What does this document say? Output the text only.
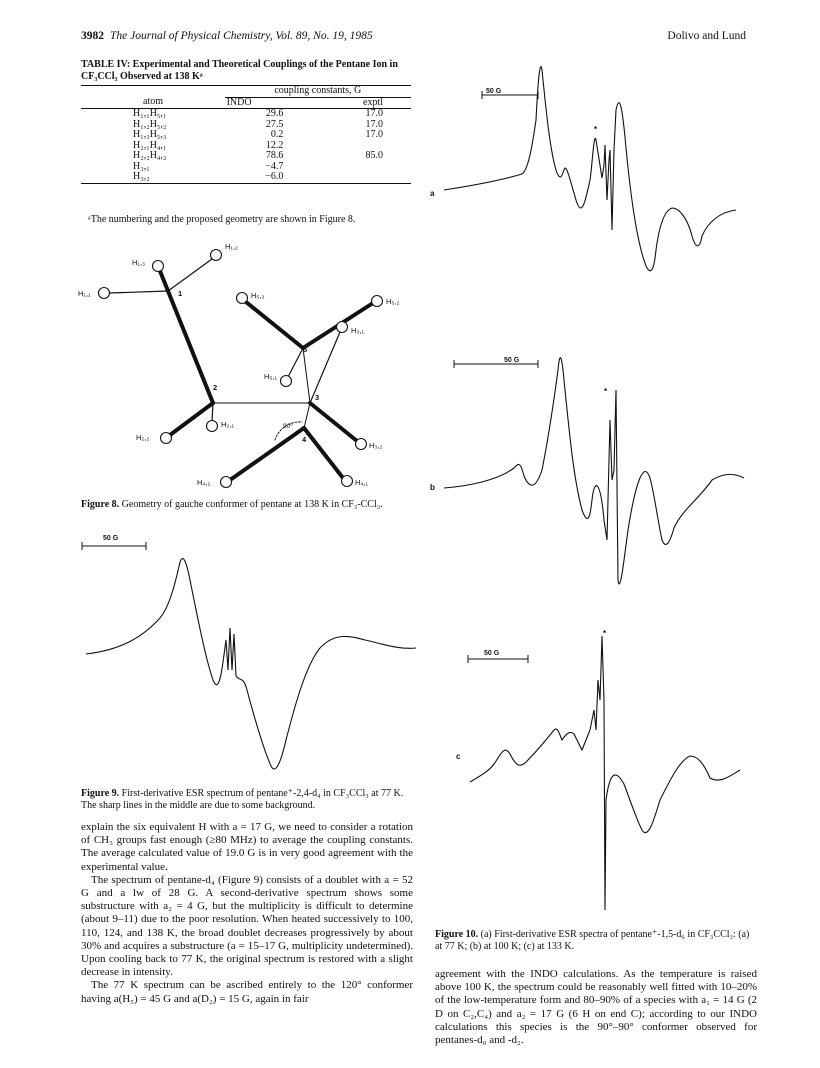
3982 The Journal of Physical Chemistry, Vol. 89, No. 19, 1985	Dolivo and Lund
TABLE IV: Experimental and Theoretical Couplings of the Pentane Ion in CF₃CCl₃ Observed at 138 Kᵃ
	coupling constants, G	
atom	INDO	exptl
H₁,₁H₅,₁	29.6	17.0
H₁,₂H₅,₂	27.5	17.0
H₁,₃H₅,₃	0.2	17.0
H₂,₁H₄,₁	12.2	
H₂,₂H₄,₂	78.6	85.0
H₃,₁	−4.7	
H₃,₂	−6.0	
ᵃThe numbering and the proposed geometry are shown in Figure 8.
H₁,₂
H₁,₃
H₁,₁	1	H₅,₃
H₅,₂
H₃,₁
5
H₅,₁
2
3
H₂,₁	90°
H₂,₂	4
H₃,₂
H₄,₂	H₄,₁
Figure 8. Geometry of gauche conformer of pentane at 138 K in CF₃-CCl₃.
50 G
Figure 9. First-derivative ESR spectrum of pentane⁺-2,4-d₄ in CF₃CCl₃ at 77 K. The sharp lines in the middle are due to some background.
50 G
50 G
50 G
a
b
c
*
*
*
Figure 10. (a) First-derivative ESR spectra of pentane⁺-1,5-d₆ in CF₃CCl₃: (a) at 77 K; (b) at 100 K; (c) at 133 K.
explain the six equivalent H with a = 17 G, we need to consider a rotation of CH₃ groups fast enough (≥80 MHz) to average the coupling constants. The average calculated value of 19.0 G is in very good agreement with the experimental value.
The spectrum of pentane-d₄ (Figure 9) consists of a doublet with a = 52 G and a lw of 28 G. A second-derivative spectrum shows some substructure with a₂ = 4 G, but the multiplicity is difficult to determine (about 9–11) due to the poor resolution. When heated successively to 100, 110, 124, and 138 K, the broad doublet decreases progressively by about 30% and acquires a substructure (a = 15–17 G, multiplicity undetermined). Upon cooling back to 77 K, the original spectrum is restored with a slight decrease in intensity.
The 77 K spectrum can be ascribed entirely to the 120° conformer having a(H₅) = 45 G and a(D₂) = 15 G, again in fair
agreement with the INDO calculations. As the temperature is raised above 100 K, the spectrum could be reasonably well fitted with 10–20% of the low-temperature form and 80–90% of a species with a₁ = 14 G (2 D on C₂,C₄) and a₂ = 17 G (6 H on end C); according to our INDO calculations this species is the 90°–90° conformer observed for pentanes-d₀ and -d₂.
